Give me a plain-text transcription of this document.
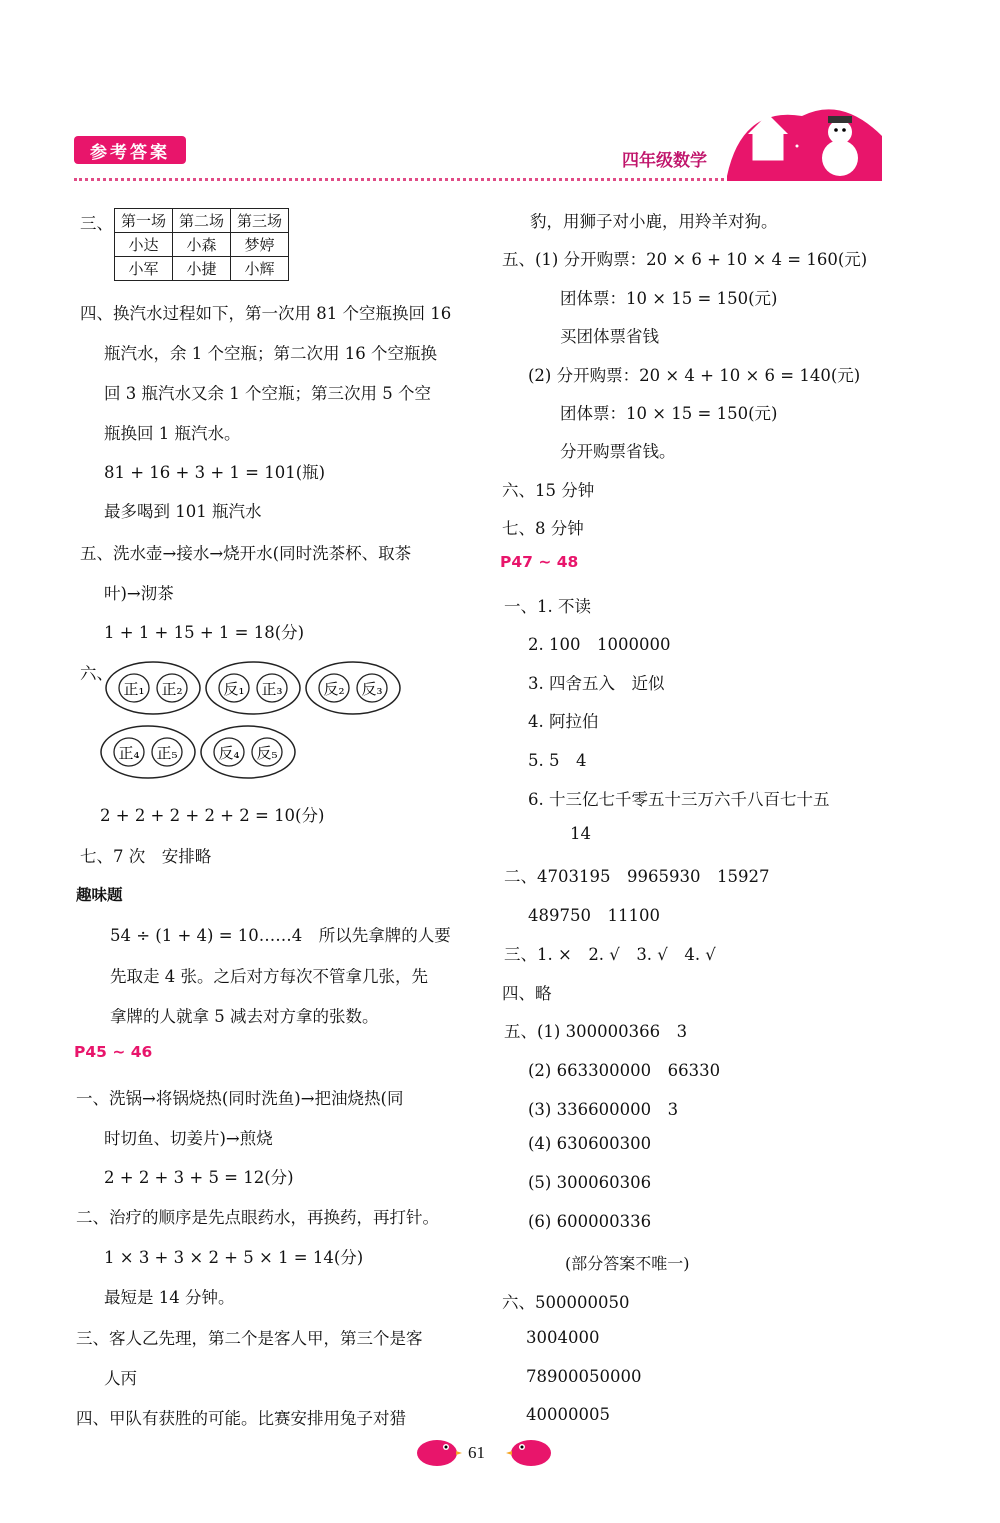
参考答案	四年级数学
三、 第一场	第二场	第三场
小达	小森	梦婷
小军	小捷	小辉
四、换汽水过程如下，第一次用 81 个空瓶换回 16
瓶汽水，余 1 个空瓶；第二次用 16 个空瓶换
回 3 瓶汽水又余 1 个空瓶；第三次用 5 个空
瓶换回 1 瓶汽水。
81 + 16 + 3 + 1 = 101(瓶)
最多喝到 101 瓶汽水
五、洗水壶→接水→烧开水(同时洗茶杯、取茶
叶)→沏茶
1 + 1 + 15 + 1 = 18(分)
六、
正₁ 正₂	反₁ 正₃	反₂ 反₃
正₄ 正₅	反₄ 反₅
2 + 2 + 2 + 2 + 2 = 10(分)
七、7 次　安排略
趣味题
54 ÷ (1 + 4) = 10……4　所以先拿牌的人要
先取走 4 张。之后对方每次不管拿几张，先
拿牌的人就拿 5 减去对方拿的张数。
P45 ~ 46
一、洗锅→将锅烧热(同时洗鱼)→把油烧热(同
时切鱼、切姜片)→煎烧
2 + 2 + 3 + 5 = 12(分)
二、治疗的顺序是先点眼药水，再换药，再打针。
1 × 3 + 3 × 2 + 5 × 1 = 14(分)
最短是 14 分钟。
三、客人乙先理，第二个是客人甲，第三个是客
人丙
四、甲队有获胜的可能。比赛安排用兔子对猎
豹，用狮子对小鹿，用羚羊对狗。
五、(1) 分开购票：20 × 6 + 10 × 4 = 160(元)
团体票：10 × 15 = 150(元)
买团体票省钱
(2) 分开购票：20 × 4 + 10 × 6 = 140(元)
团体票：10 × 15 = 150(元)
分开购票省钱。
六、15 分钟
七、8 分钟
P47 ~ 48
一、1. 不读
2. 100　1000000
3. 四舍五入　近似
4. 阿拉伯
5. 5　4
6. 十三亿七千零五十三万六千八百七十五
14
二、4703195　9965930　15927
489750　11100
三、1. ×　2. √　3. √　4. √
四、略
五、(1) 300000366　3
(2) 663300000　66330
(3) 336600000　3
(4) 630600300
(5) 300060306
(6) 600000336
(部分答案不唯一)
六、500000050
3004000
78900050000
40000005
61
